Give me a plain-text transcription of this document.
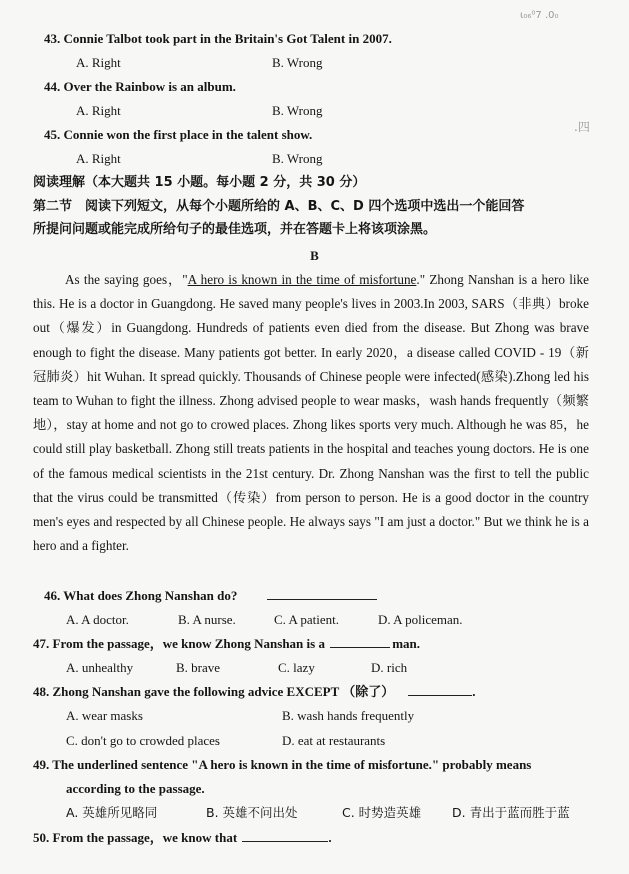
ι₀₆⁰7 .0₀
.四
43. Connie Talbot took part in the Britain's Got Talent in 2007.
A. Right	B. Wrong
44. Over the Rainbow is an album.
A. Right	B. Wrong
45. Connie won the first place in the talent show.
A. Right	B. Wrong
阅读理解（本大题共 15 小题。每小题 2 分，共 30 分）
第二节　阅读下列短文，从每个小题所给的 A、B、C、D 四个选项中选出一个能回答
所提问问题或能完成所给句子的最佳选项，并在答题卡上将该项涂黑。
B
As the saying goes，"A hero is known in the time of misfortune." Zhong Nanshan is a hero like this. He is a doctor in Guangdong. He saved many people's lives in 2003.In 2003, SARS（非典）broke out（爆发）in Guangdong. Hundreds of patients even died from the disease. But Zhong was brave enough to fight the disease. Many patients got better. In early 2020，a disease called COVID - 19（新冠肺炎）hit Wuhan. It spread quickly. Thousands of Chinese people were infected(感染).Zhong led his team to Wuhan to fight the illness. Zhong advised people to wear masks，wash hands frequently（频繁地），stay at home and not go to crowed places. Zhong likes sports very much. Although he was 85，he could still play basketball. Zhong still treats patients in the hospital and teaches young doctors. He is one of the famous medical scientists in the 21st century. Dr. Zhong Nanshan was the first to tell the public that the virus could be transmitted（传染）from person to person. He is a good doctor in the country men's eyes and respected by all Chinese people. He always says "I am just a doctor." But we think he is a hero and a fighter.
46. What does Zhong Nanshan do?
A. A doctor.	B. A nurse.	C. A patient.	D. A policeman.
47. From the passage，we know Zhong Nanshan is a	man.
A. unhealthy	B. brave	C. lazy	D. rich
48. Zhong Nanshan gave the following advice EXCEPT （除了）	.
A. wear masks	B. wash hands frequently
C. don't go to crowded places	D. eat at restaurants
49. The underlined sentence "A hero is known in the time of misfortune." probably means
according to the passage.
A. 英雄所见略同	B. 英雄不问出处	C. 时势造英雄 D. 青出于蓝而胜于蓝
50. From the passage，we know that	.
